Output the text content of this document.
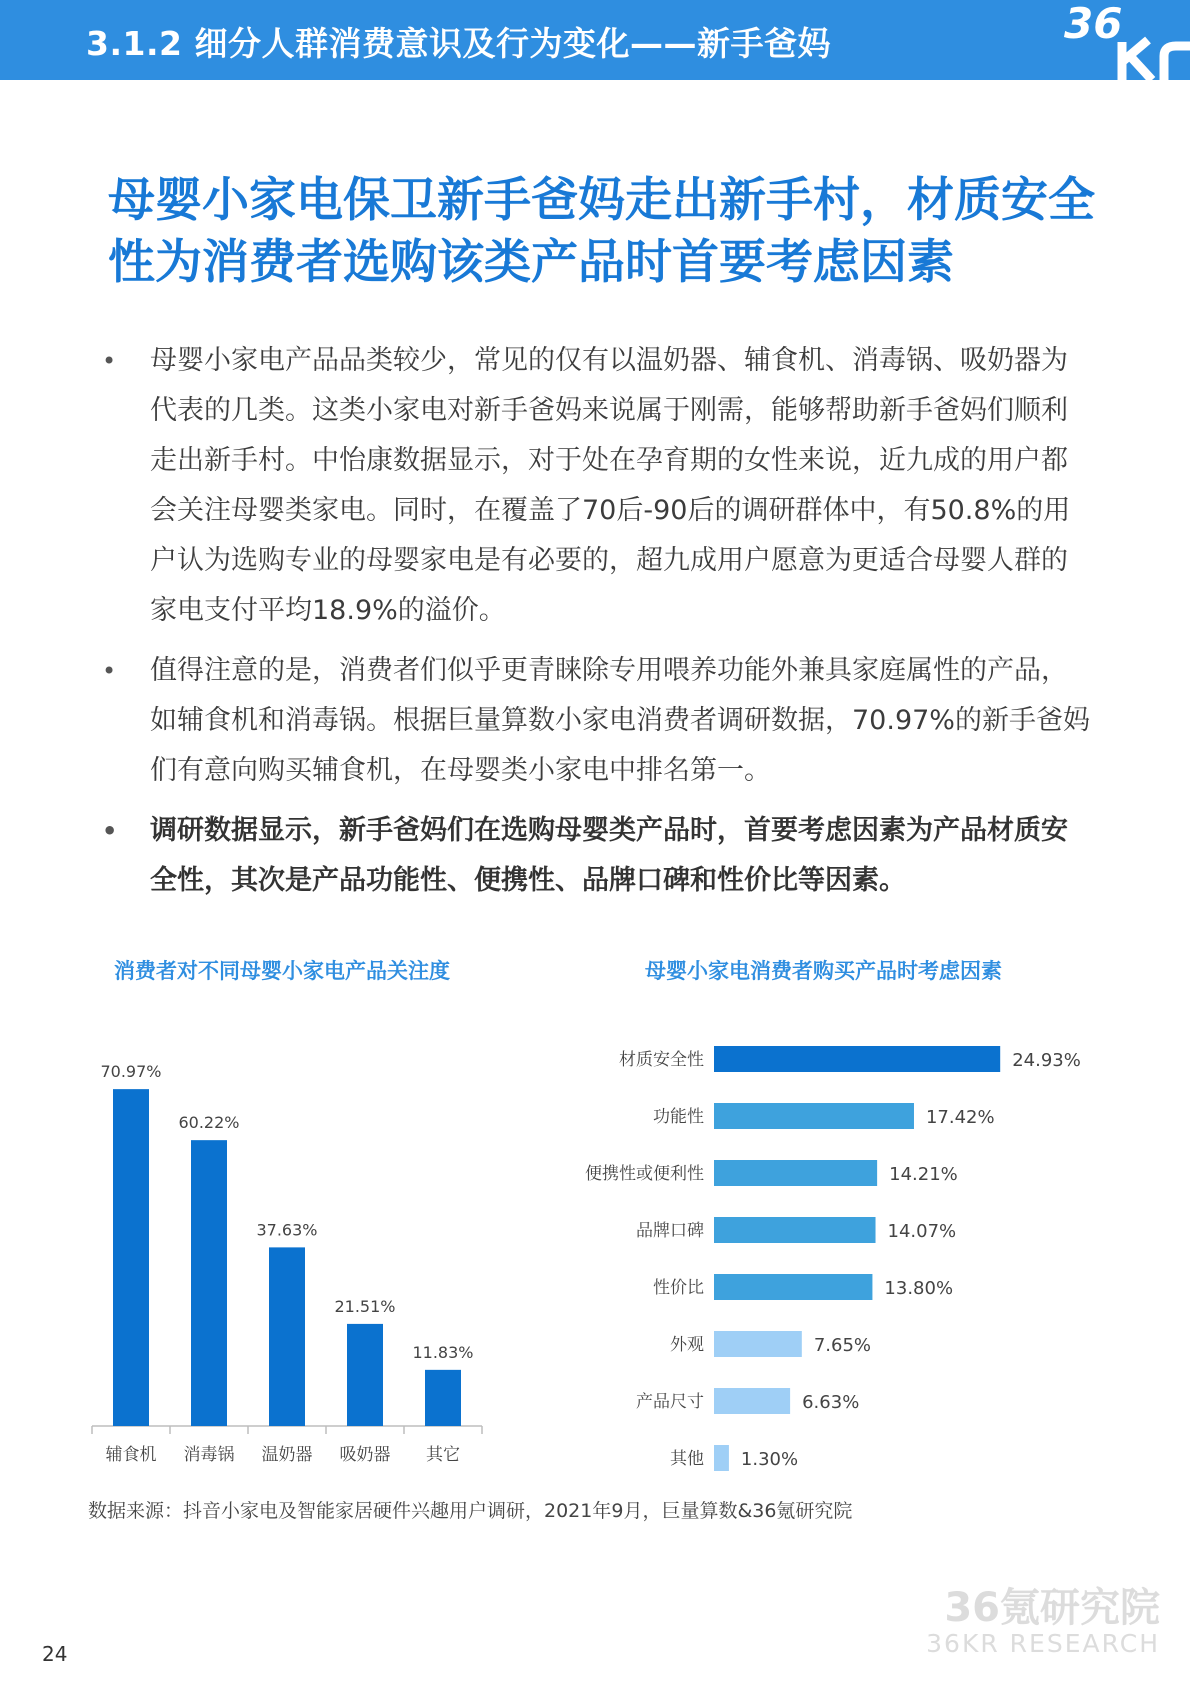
3.1.2 细分人群消费意识及行为变化——新手爸妈	36
母婴小家电保卫新手爸妈走出新手村，材质安全性为消费者选购该类产品时首要考虑因素
• 母婴小家电产品品类较少，常见的仅有以温奶器、辅食机、消毒锅、吸奶器为代表的几类。这类小家电对新手爸妈来说属于刚需，能够帮助新手爸妈们顺利走出新手村。中怡康数据显示，对于处在孕育期的女性来说，近九成的用户都会关注母婴类家电。同时，在覆盖了70后-90后的调研群体中，有50.8%的用户认为选购专业的母婴家电是有必要的，超九成用户愿意为更适合母婴人群的家电支付平均18.9%的溢价。
• 值得注意的是，消费者们似乎更青睐除专用喂养功能外兼具家庭属性的产品，如辅食机和消毒锅。根据巨量算数小家电消费者调研数据，70.97%的新手爸妈们有意向购买辅食机，在母婴类小家电中排名第一。
• 调研数据显示，新手爸妈们在选购母婴类产品时，首要考虑因素为产品材质安全性，其次是产品功能性、便携性、品牌口碑和性价比等因素。
消费者对不同母婴小家电产品关注度	母婴小家电消费者购买产品时考虑因素
70.97%
辅食机
60.22%
消毒锅
37.63%
温奶器
21.51%
吸奶器
11.83%
其它
材质安全性	24.93%
功能性	17.42%
便携性或便利性	14.21%
品牌口碑	14.07%
性价比	13.80%
外观	7.65%
产品尺寸	6.63%
其他 1.30%
数据来源：抖音小家电及智能家居硬件兴趣用户调研，2021年9月，巨量算数&36氪研究院
24
36氪研究院
36KR RESEARCH
